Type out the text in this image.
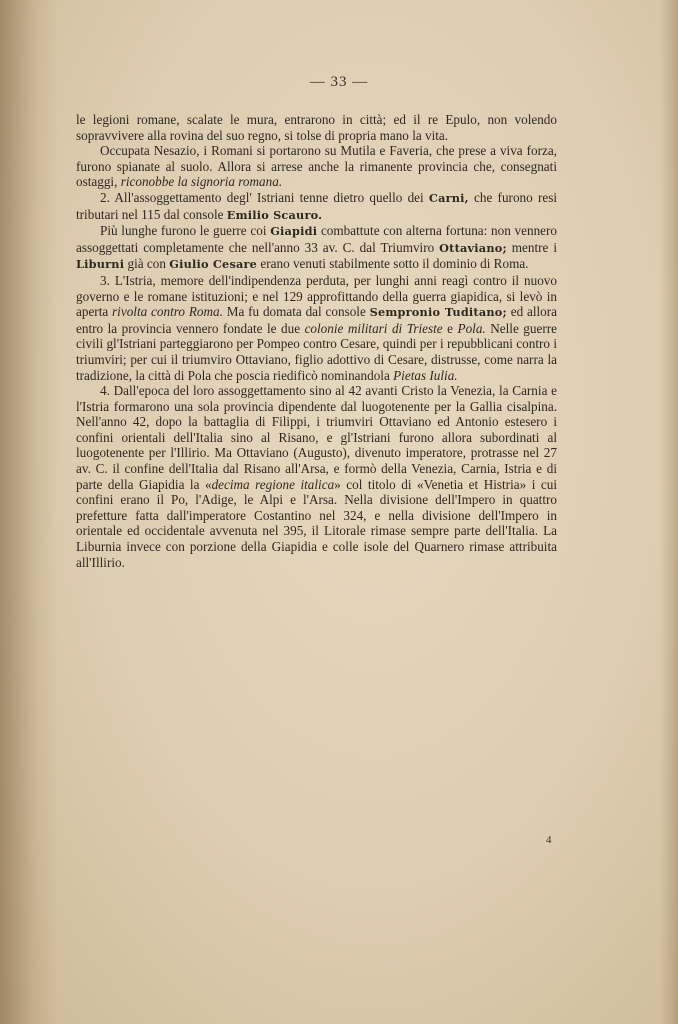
— 33 —

le legioni romane, scalate le mura, entrarono in città; ed il re Epulo, non volendo sopravvivere alla rovina del suo regno, si tolse di propria mano la vita.

Occupata Nesazio, i Romani si portarono su Mutila e Faveria, che prese a viva forza, furono spianate al suolo. Allora si arrese anche la rimanente provincia che, consegnati ostaggi, riconobbe la signoria romana.

2. All'assoggettamento degl' Istriani tenne dietro quello dei Carni, che furono resi tributari nel 115 dal console Emilio Scauro.

Più lunghe furono le guerre coi Giapidi combattute con alterna fortuna: non vennero assoggettati completamente che nell'anno 33 av. C. dal Triumviro Ottaviano; mentre i Liburni già con Giulio Cesare erano venuti stabilmente sotto il dominio di Roma.

3. L'Istria, memore dell'indipendenza perduta, per lunghi anni reagì contro il nuovo governo e le romane istituzioni; e nel 129 approfittando della guerra giapidica, si levò in aperta rivolta contro Roma. Ma fu domata dal console Sempronio Tuditano; ed allora entro la provincia vennero fondate le due colonie militari di Trieste e Pola. Nelle guerre civili gl'Istriani parteggiarono per Pompeo contro Cesare, quindi per i repubblicani contro i triumviri; per cui il triumviro Ottaviano, figlio adottivo di Cesare, distrusse, come narra la tradizione, la città di Pola che poscia riedificò nominandola Pietas Iulia.

4. Dall'epoca del loro assoggettamento sino al 42 avanti Cristo la Venezia, la Carnia e l'Istria formarono una sola provincia dipendente dal luogotenente per la Gallia cisalpina. Nell'anno 42, dopo la battaglia di Filippi, i triumviri Ottaviano ed Antonio estesero i confini orientali dell'Italia sino al Risano, e gl'Istriani furono allora subordinati al luogotenente per l'Illirio. Ma Ottaviano (Augusto), divenuto imperatore, protrasse nel 27 av. C. il confine dell'Italia dal Risano all'Arsa, e formò della Venezia, Carnia, Istria e di parte della Giapidia la «decima regione italica» col titolo di «Venetia et Histria» i cui confini erano il Po, l'Adige, le Alpi e l'Arsa. Nella divisione dell'Impero in quattro prefetture fatta dall'imperatore Costantino nel 324, e nella divisione dell'Impero in orientale ed occidentale avvenuta nel 395, il Litorale rimase sempre parte dell'Italia. La Liburnia invece con porzione della Giapidia e colle isole del Quarnero rimase attribuita all'Illirio.

4
